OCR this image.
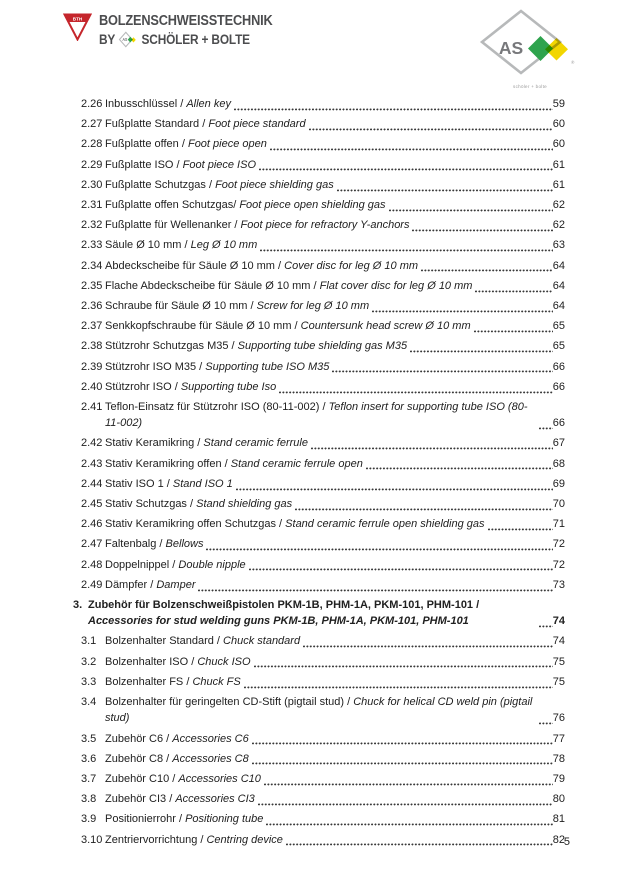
BTH BOLZENSCHWEISSTECHNIK
BY AS SCHÖLER + BOLTE	AS
®
schöler + bolte
2.26 Inbusschlüssel / Allen key	59
2.27 Fußplatte Standard / Foot piece standard	60
2.28 Fußplatte offen / Foot piece open	60
2.29 Fußplatte ISO / Foot piece ISO	61
2.30 Fußplatte Schutzgas / Foot piece shielding gas	61
2.31 Fußplatte offen Schutzgas/ Foot piece open shielding gas	62
2.32 Fußplatte für Wellenanker / Foot piece for refractory Y-anchors	62
2.33 Säule Ø 10 mm / Leg Ø 10 mm	63
2.34 Abdeckscheibe für Säule Ø 10 mm / Cover disc for leg Ø 10 mm	64
2.35 Flache Abdeckscheibe für Säule Ø 10 mm / Flat cover disc for leg Ø 10 mm	64
2.36 Schraube für Säule Ø 10 mm / Screw for leg Ø 10 mm	64
2.37 Senkkopfschraube für Säule Ø 10 mm / Countersunk head screw Ø 10 mm	65
2.38 Stützrohr Schutzgas M35 / Supporting tube shielding gas M35	65
2.39 Stützrohr ISO M35 / Supporting tube ISO M35	66
2.40 Stützrohr ISO / Supporting tube Iso	66
2.41 Teflon-Einsatz für Stützrohr ISO (80-11-002) / Teflon insert for supporting tube ISO (80-11-002)	66
2.42 Stativ Keramikring / Stand ceramic ferrule	67
2.43 Stativ Keramikring offen / Stand ceramic ferrule open	68
2.44 Stativ ISO 1 / Stand ISO 1	69
2.45 Stativ Schutzgas / Stand shielding gas	70
2.46 Stativ Keramikring offen Schutzgas / Stand ceramic ferrule open shielding gas	71
2.47 Faltenbalg / Bellows	72
2.48 Doppelnippel / Double nipple	72
2.49 Dämpfer / Damper	73
3. Zubehör für Bolzenschweißpistolen PKM-1B, PHM-1A, PKM-101, PHM-101 / Accessories for stud welding guns PKM-1B, PHM-1A, PKM-101, PHM-101	74
3.1 Bolzenhalter Standard / Chuck standard	74
3.2 Bolzenhalter ISO / Chuck ISO	75
3.3 Bolzenhalter FS / Chuck FS	75
3.4 Bolzenhalter für geringelten CD-Stift (pigtail stud) / Chuck for helical CD weld pin (pigtail stud)	76
3.5 Zubehör C6 / Accessories C6	77
3.6 Zubehör C8 / Accessories C8	78
3.7 Zubehör C10 / Accessories C10	79
3.8 Zubehör CI3 / Accessories CI3	80
3.9 Positionierrohr / Positioning tube	81
3.10 Zentriervorrichtung / Centring device	82
5
